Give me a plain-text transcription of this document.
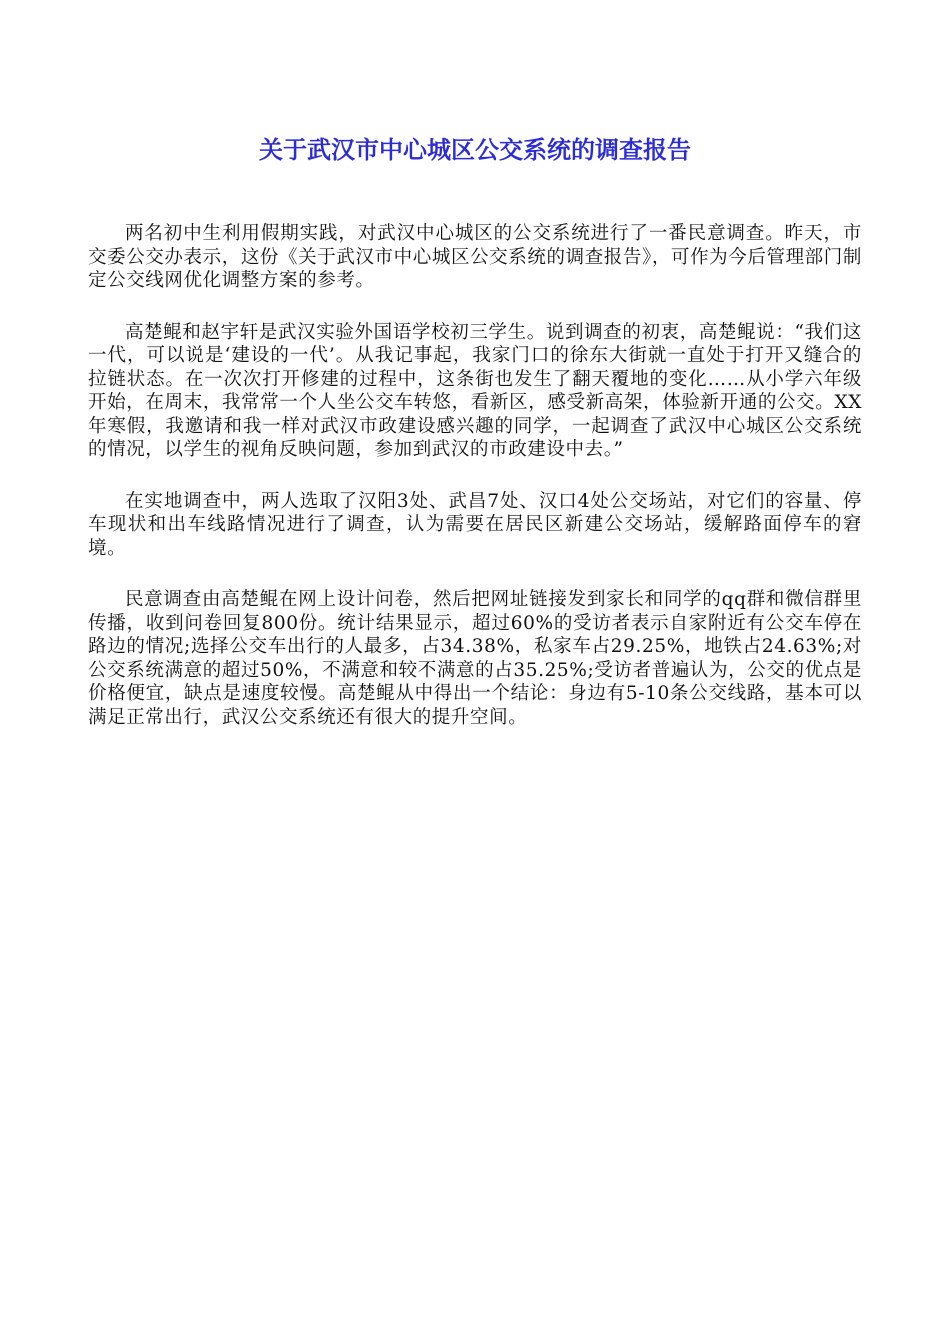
关于武汉市中心城区公交系统的调查报告

两名初中生利用假期实践，对武汉中心城区的公交系统进行了一番民意调查。昨天，市交委公交办表示，这份《关于武汉市中心城区公交系统的调查报告》，可作为今后管理部门制定公交线网优化调整方案的参考。

高楚鲲和赵宇轩是武汉实验外国语学校初三学生。说到调查的初衷，高楚鲲说：“我们这一代，可以说是‘建设的一代’。从我记事起，我家门口的徐东大街就一直处于打开又缝合的拉链状态。在一次次打开修建的过程中，这条街也发生了翻天覆地的变化……从小学六年级开始，在周末，我常常一个人坐公交车转悠，看新区，感受新高架，体验新开通的公交。XX年寒假，我邀请和我一样对武汉市政建设感兴趣的同学，一起调查了武汉中心城区公交系统的情况，以学生的视角反映问题，参加到武汉的市政建设中去。”

在实地调查中，两人选取了汉阳3处、武昌7处、汉口4处公交场站，对它们的容量、停车现状和出车线路情况进行了调查，认为需要在居民区新建公交场站，缓解路面停车的窘境。

民意调查由高楚鲲在网上设计问卷，然后把网址链接发到家长和同学的qq群和微信群里传播，收到问卷回复800份。统计结果显示，超过60%的受访者表示自家附近有公交车停在路边的情况;选择公交车出行的人最多，占34.38%，私家车占29.25%，地铁占24.63%;对公交系统满意的超过50%，不满意和较不满意的占35.25%;受访者普遍认为，公交的优点是价格便宜，缺点是速度较慢。高楚鲲从中得出一个结论：身边有5-10条公交线路，基本可以满足正常出行，武汉公交系统还有很大的提升空间。
